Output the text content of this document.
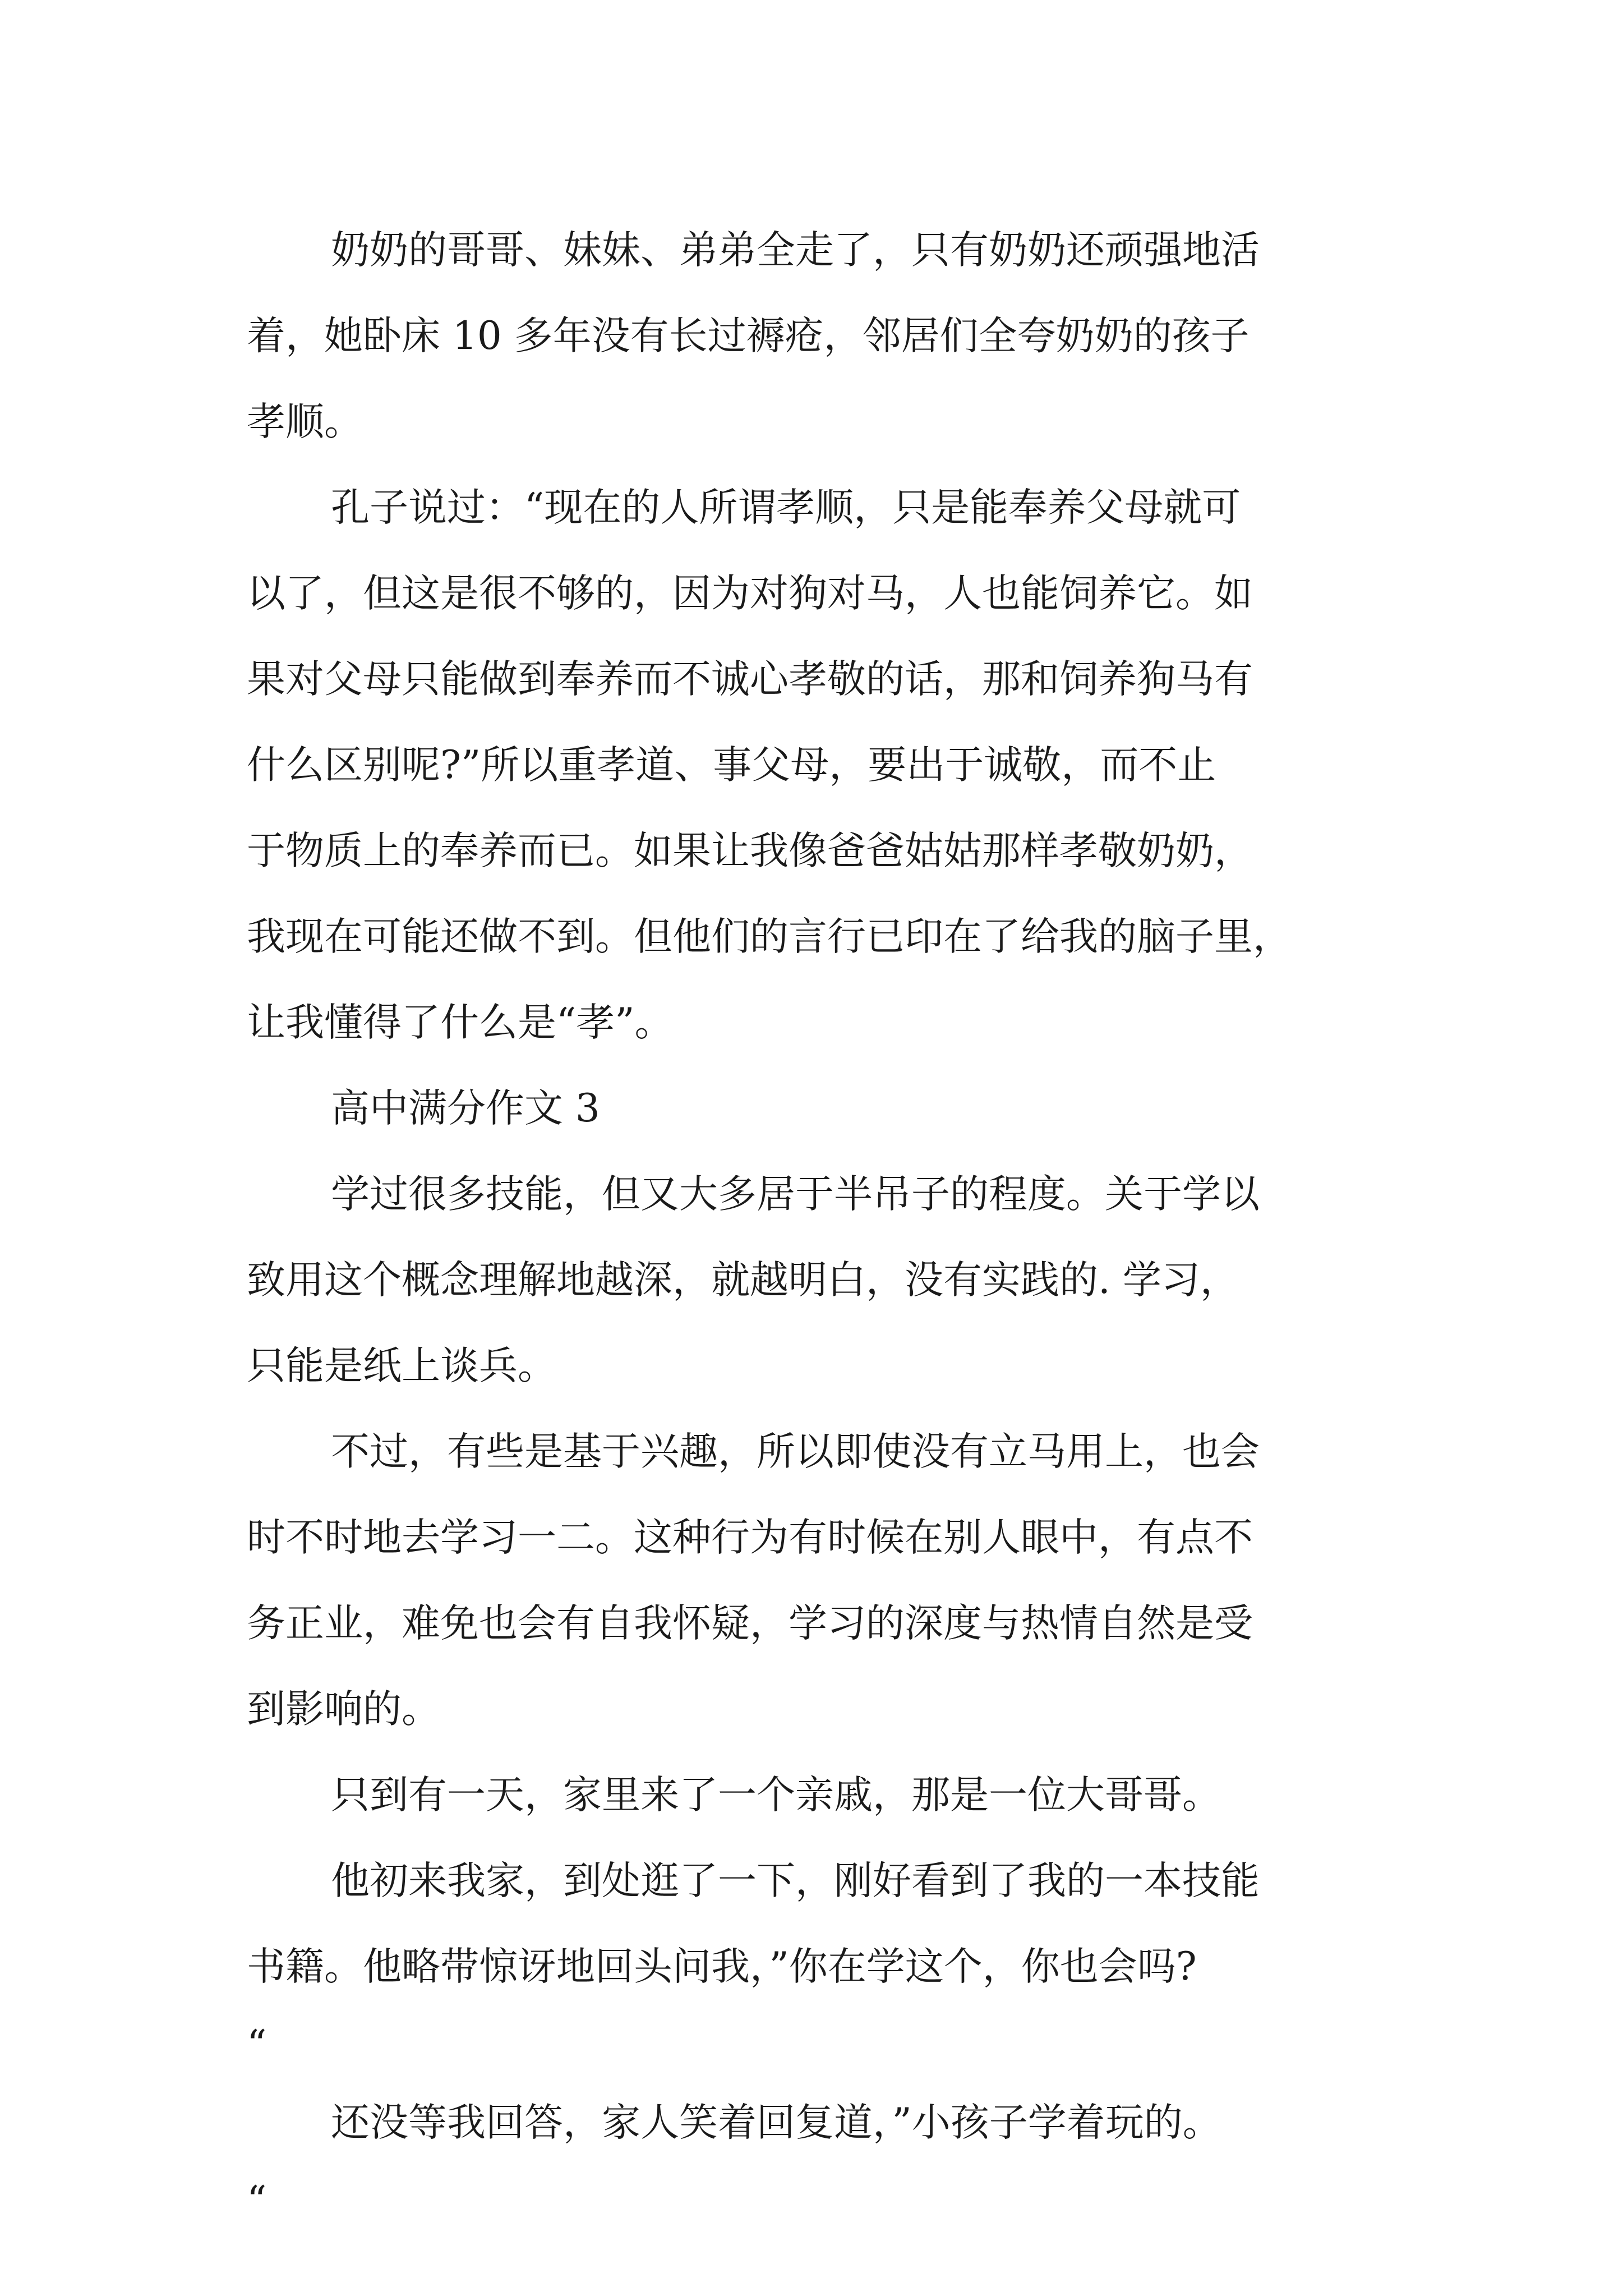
奶奶的哥哥、妹妹、弟弟全走了，只有奶奶还顽强地活
着，她卧床 10 多年没有长过褥疮，邻居们全夸奶奶的孩子
孝顺。
孔子说过：“现在的人所谓孝顺，只是能奉养父母就可
以了，但这是很不够的，因为对狗对马，人也能饲养它。如
果对父母只能做到奉养而不诚心孝敬的话，那和饲养狗马有
什么区别呢?”所以重孝道、事父母，要出于诚敬，而不止
于物质上的奉养而已。如果让我像爸爸姑姑那样孝敬奶奶，
我现在可能还做不到。但他们的言行已印在了给我的脑子里，
让我懂得了什么是“孝”。
高中满分作文 3
学过很多技能，但又大多居于半吊子的程度。关于学以
致用这个概念理解地越深，就越明白，没有实践的. 学习，
只能是纸上谈兵。
不过，有些是基于兴趣，所以即使没有立马用上，也会
时不时地去学习一二。这种行为有时候在别人眼中，有点不
务正业，难免也会有自我怀疑，学习的深度与热情自然是受
到影响的。
只到有一天，家里来了一个亲戚，那是一位大哥哥。
他初来我家，到处逛了一下，刚好看到了我的一本技能
书籍。他略带惊讶地回头问我，”你在学这个，你也会吗?
“
还没等我回答，家人笑着回复道，”小孩子学着玩的。
“
